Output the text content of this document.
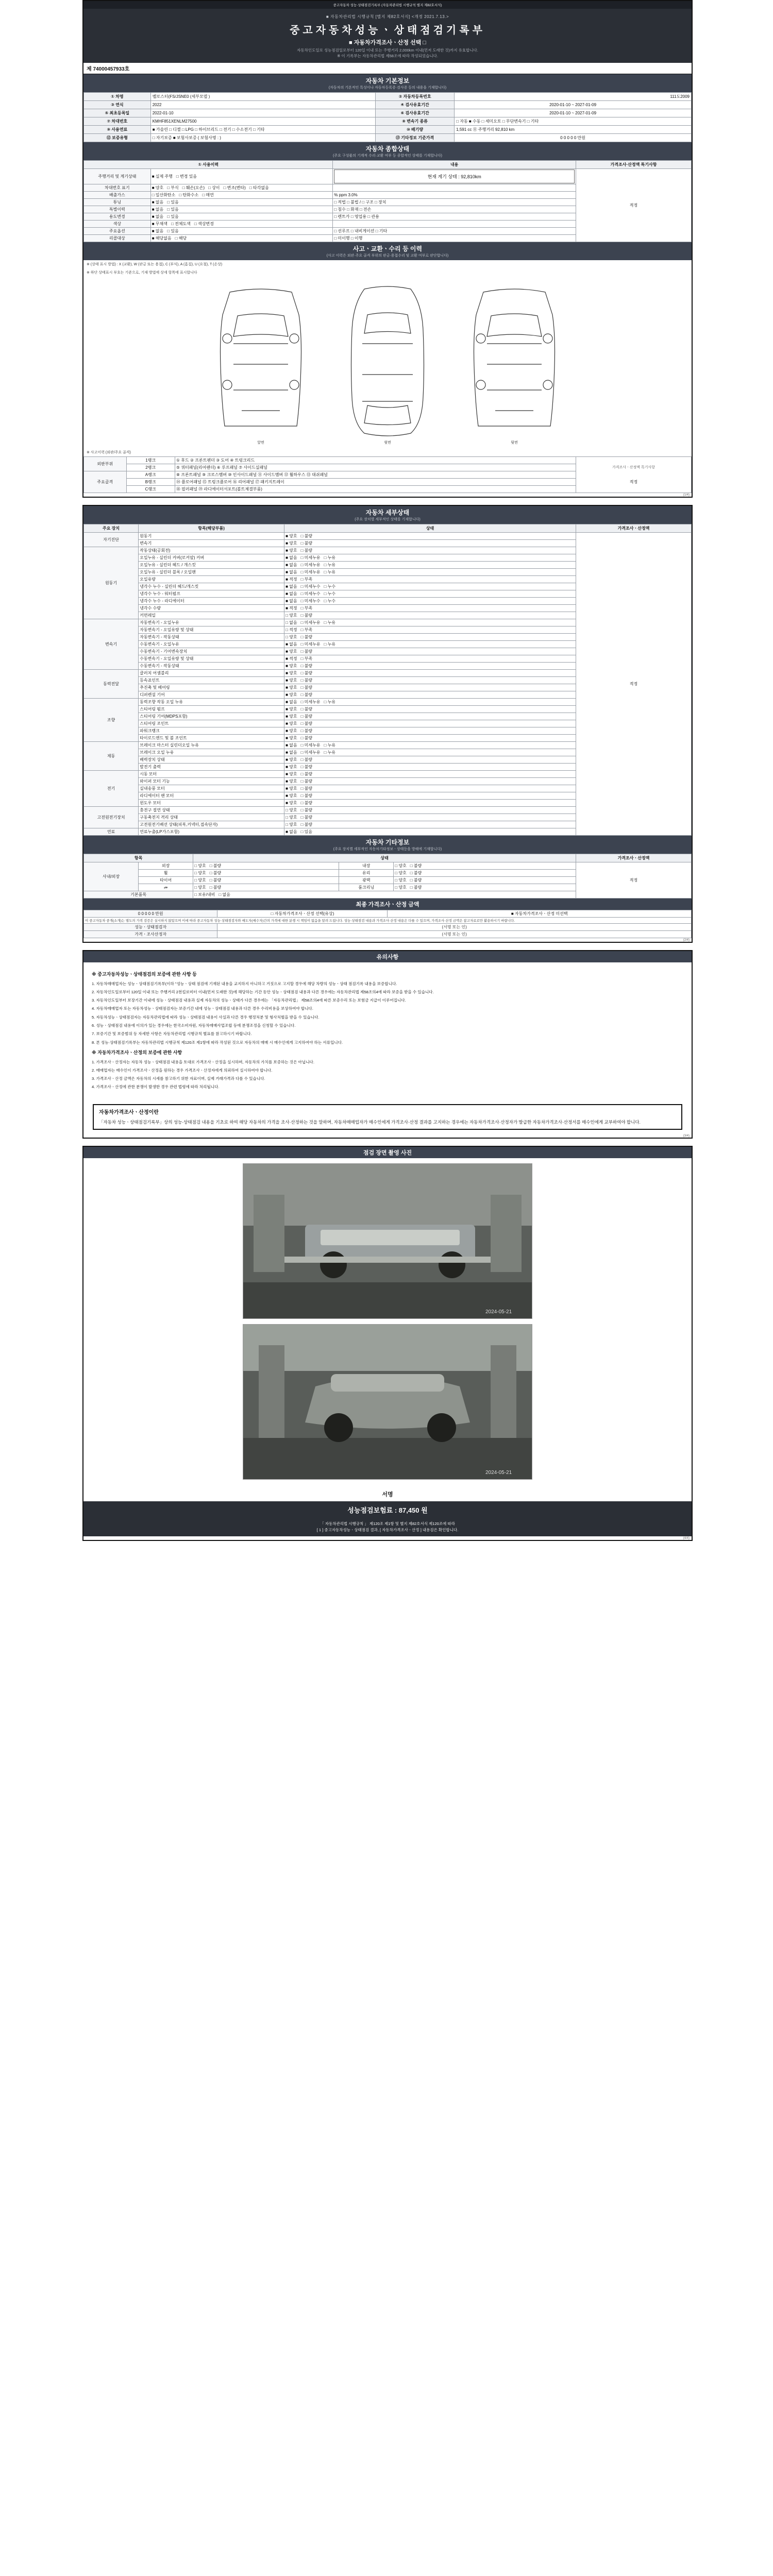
중고자동차 성능·상태점검기록부 (자동차관리법 시행규칙 별지 제82호서식)
■ 자동차관리법 시행규칙 [별지 제82호서식] <개정 2021.7.13.>
중고자동차성능ㆍ상태점검기록부
■ 자동차가격조사ㆍ산정 선택 □
자동차인도일로 성능점검일로부터 120일 이내 또는 주행거리 2,000km 이내(먼저 도래한 것)까지 유효합니다.
※ 이 기록부는 자동차관리법 제58조에 따라 작성되었습니다.
제 74000457933호
자동차 기본정보
(자동차의 기본적인 특성이나 자동차등록증·검사증 등의 내용을 기재합니다)
① 차명	벨로스터(FS/JSNE0 (세부모델 )	② 자동차등록번호	111도2009
③ 연식	2022	④ 검사유효기간	2020-01-10 ~ 2027-01-09
⑤ 최초등록일	2022-01-10	⑥ 검사유효기간	2020-01-10 ~ 2027-01-09
⑦ 차대번호	KMHF851XENLM27500	⑧ 변속기 종류	□ 자동 ■ 수동 □ 세미오토 □ 무단변속기 □ 기타
⑨ 사용연료	■ 가솔린 □ 디젤 □ LPG □ 하이브리드 □ 전기 □ 수소전기 □ 기타	⑩ 배기량	1,591 cc ⑪ 주행거리 92,810 km
⑫ 보증유형	□ 자기보증 ■ 보험사보증 ( 보험사명 : )	⑬ 기타정보 기준가격	0 0 0 0 0 만원
자동차 종합상태
(주요 구성품의 기계적 수리·교환 여부 등 종합적인 상태를 기재합니다)
① 사용이력		내용	가격조사·산정액 특기사항
주행거리 및 계기상태	■ 실제 주행 □ 변경 있음	현재 계기 상태 : 92,810km	적정
차대번호 표기	■ 양호 □ 부식 □ 훼손(오손) □ 상이 □ 변조(변타) □ 타각없음		
배출가스	□ 일산화탄소 □ 탄화수소 □ 매연	% ppm 3.0%	
튜닝	■ 없음 □ 있음	□ 적법 □ 불법 / □ 구조 □ 장치	
특별이력	■ 없음 □ 있음	□ 침수 □ 화재 □ 전손	
용도변경	■ 없음 □ 있음	□ 렌트카 □ 영업용 □ 관용	
색상	■ 무채색 □ 전체도색 □ 색상변경		
주요옵션	■ 없음 □ 있음	□ 선루프 □ 내비게이션 □ 기타	
리콜대상	■ 해당없음 □ 해당	□ 미이행 □ 이행	
사고ㆍ교환ㆍ수리 등 이력
(사고 이력은 외판·주요 골격 부위의 판금·용접수리 및 교환 여부로 판단합니다)
※ (상태 표시 방법) : X (교환), W (판금 또는 용접), C (부식), A (흠집), U (요철), T (손상)
※ 하단 상태표시 부호는 기준으로, 기재 방법에 상세 항목에 표시합니다
앞면	윗면	뒷면
※ 사고이력 (외판/주요 골격)
외판부위	1랭크	① 후드 ② 프론트펜더 ③ 도어 ④ 트렁크리드	가격조사ㆍ산정액 특기사항
적정

	2랭크	⑤ 쿼터패널(리어펜더) ⑥ 루프패널 ⑦ 사이드실패널	
주요골격	A랭크	⑧ 프론트패널 ⑨ 크로스멤버 ⑩ 인사이드패널 ⑪ 사이드멤버 ⑫ 휠하우스 ⑬ 대쉬패널	
	B랭크	⑭ 플로어패널 ⑮ 트렁크플로어 ⑯ 리어패널 ⑰ 패키지트레이	
	C랭크	⑱ 필러패널 ⑲ 라디에이터서포트(볼트체결부품)	
(1/4)
자동차 세부상태
(주요 장치별 세부적인 상태를 기재합니다)
주요 장치	항목(해당부품)	상태	가격조사ㆍ산정액
자기진단	원동기	■ 양호 □ 불량	적정
	변속기	■ 양호 □ 불량	
원동기	작동상태(공회전)	■ 양호 □ 불량	
	오일누유 - 실린더 커버(로커암) 커버	■ 없음 □ 미세누유 □ 누유	
	오일누유 - 실린더 헤드 / 개스킷	■ 없음 □ 미세누유 □ 누유	
	오일누유 - 실린더 블록 / 오일팬	■ 없음 □ 미세누유 □ 누유	
	오일유량	■ 적정 □ 부족	
	냉각수 누수 - 실린더 헤드/개스킷	■ 없음 □ 미세누수 □ 누수	
	냉각수 누수 - 워터펌프	■ 없음 □ 미세누수 □ 누수	
	냉각수 누수 - 라디에이터	■ 없음 □ 미세누수 □ 누수	
	냉각수 수량	■ 적정 □ 부족	
	커먼레일	□ 양호 □ 불량	
변속기	자동변속기 - 오일누유	□ 없음 □ 미세누유 □ 누유	
	자동변속기 - 오일유량 및 상태	□ 적정 □ 부족	
	자동변속기 - 작동상태	□ 양호 □ 불량	
	수동변속기 - 오일누유	■ 없음 □ 미세누유 □ 누유	
	수동변속기 - 기어변속장치	■ 양호 □ 불량	
	수동변속기 - 오일유량 및 상태	■ 적정 □ 부족	
	수동변속기 - 작동상태	■ 양호 □ 불량	
동력전달	클러치 어셈블리	■ 양호 □ 불량	
	등속죠인트	■ 양호 □ 불량	
	추진축 및 베어링	■ 양호 □ 불량	
	디퍼렌셜 기어	■ 양호 □ 불량	
조향	동력조향 작동 오일 누유	■ 없음 □ 미세누유 □ 누유	
	스티어링 펌프	■ 양호 □ 불량	
	스티어링 기어(MDPS포함)	■ 양호 □ 불량	
	스티어링 조인트	■ 양호 □ 불량	
	파워크랭크	■ 양호 □ 불량	
	타이로드엔드 및 볼 조인트	■ 양호 □ 불량	
제동	브레이크 마스터 실린더오일 누유	■ 없음 □ 미세누유 □ 누유	
	브레이크 오일 누유	■ 없음 □ 미세누유 □ 누유	
	배력장치 상태	■ 양호 □ 불량	
	발전기 출력	■ 양호 □ 불량	
전기	시동 모터	■ 양호 □ 불량	
	와이퍼 모터 기능	■ 양호 □ 불량	
	실내송풍 모터	■ 양호 □ 불량	
	라디에이터 팬 모터	■ 양호 □ 불량	
	윈도우 모터	■ 양호 □ 불량	
고전원전기장치	충전구 절연 상태	□ 양호 □ 불량	
	구동축전지 격리 상태	□ 양호 □ 불량	
	고전원전기배선 상태(피복,커넥터,접속단자)	□ 양호 □ 불량	
연료	연료누출(LP가스포함)	■ 없음 □ 있음	
자동차 기타정보
(주요 장치별 세부적인 자동차기타정보ㆍ상태등을 방해에 기재합니다)
항목		상태			가격조사ㆍ산정액
사내/외장	외장	□ 양호 □ 불량	내장	□ 양호 □ 불량	적정
	휠	□ 양호 □ 불량	유리	□ 양호 □ 불량	
	타이어	□ 양호 □ 불량	광택	□ 양호 □ 불량	
	መ	□ 양호 □ 불량	룸크리닝	□ 양호 □ 불량	
기본품목		□ 보유/내비 □ 없음			
최종 가격조사ㆍ산정 금액
0 0 0 0 0 만원	□ 자동차가격조사ㆍ산정 선택(유상)	■ 자동차가격조사ㆍ산정 미선택
이 중고자동차 중개(소개)는 별도의 가격 검증은 실시하지 않았으며 이에 따라 중고자동차 성능·상태점검자와 매도자(매수자)간의 가격에 대한 분쟁 시 책임이 없음을 알려 드립니다. 성능·상태점검 내용과 가격조사·산정 내용은 다를 수 있으며, 가격조사·산정 금액은 참고자료로만 활용하시기 바랍니다.		
성능ㆍ상태점검자	(서명 또는 인)	
가격ㆍ조사산정자	(서명 또는 인)	
(2/4)
유의사항
※ 중고자동차성능ㆍ상태점검의 보증에 관한 사항 등

1. 자동차매매업자는 성능ㆍ상태점검기록부(이하 "성능ㆍ상태 점검에 기재된 내용을 교지하지 아니하고 거짓으로 고지할 경우에 해당 차량의 성능ㆍ상태 점검기록 내용을 보증합니다.

2. 자동차인도일로부터 120일 이내 또는 주행거리 2천킬로미터 이내(먼저 도래한 것)에 해당하는 기간 동안 성능ㆍ상태점검 내용과 다른 경우에는 자동차관리법 제58조의4에 따라 보증을 받을 수 있습니다.

3. 자동차인도일부터 보장기간 이내에 성능ㆍ상태점검 내용과 실제 자동차의 성능ㆍ상태가 다른 경우에는 「자동차관리법」 제58조의4에 따른 보증수리 또는 보험금 지급이 이루어집니다.

4. 자동차매매업자 또는 자동차성능ㆍ상태점검자는 보증기간 내에 성능ㆍ상태점검 내용과 다른 경우 수리비용을 보상하여야 합니다.

5. 자동차성능ㆍ상태점검자는 자동차관리법에 따라 성능ㆍ상태점검 내용이 사실과 다른 경우 행정처분 및 형사처벌을 받을 수 있습니다.

6. 성능ㆍ상태점검 내용에 이의가 있는 경우에는 한국소비자원, 자동차매매사업조합 등에 분쟁조정을 신청할 수 있습니다.

7. 보증기간 및 보증범위 등 자세한 사항은 자동차관리법 시행규칙 별표를 참고하시기 바랍니다.

8. 본 성능·상태점검기록부는 자동차관리법 시행규칙 제120조 제1항에 따라 작성된 것으로 자동차의 매매 시 매수인에게 고지하여야 하는 서류입니다.

※ 자동차가격조사ㆍ산정의 보증에 관한 사항

1. 가격조사ㆍ산정자는 자동차 성능ㆍ상태점검 내용을 토대로 가격조사ㆍ산정을 실시하며, 자동차의 가치를 보증하는 것은 아닙니다.

2. 매매업자는 매수인이 가격조사ㆍ산정을 원하는 경우 가격조사ㆍ산정자에게 의뢰하여 실시하여야 합니다.

3. 가격조사ㆍ산정 금액은 자동차의 시세를 참고하기 위한 자료이며, 실제 거래가격과 다를 수 있습니다.

4. 가격조사ㆍ산정에 관한 분쟁이 발생한 경우 관련 법령에 따라 처리됩니다.

자동차가격조사ㆍ산정이란
「자동차 성능ㆍ상태점검기록부」상의 성능·상태점검 내용을 기초로 하여 해당 자동차의 가격을 조사·산정하는 것을 말하며, 자동차매매업자가 매수인에게 가격조사·산정 결과를 고지하는 경우에는 자동차가격조사·산정자가 발급한 자동차가격조사·산정서를 매수인에게 교부하여야 합니다.
(3/4)
점검 장면 촬영 사진
2024-05-21
2024-05-21
서명
성능점검보험료 : 87,450 원
「 자동차관리법 시행규칙 」 제120조 제1항 및 별지 제82호서식 제120조에 따라
[ 1 ] 중고자동차성능ㆍ상태점검 결과, [ 자동차가격조사ㆍ산정 ] 내용검은 확인합니다.
(4/4)
